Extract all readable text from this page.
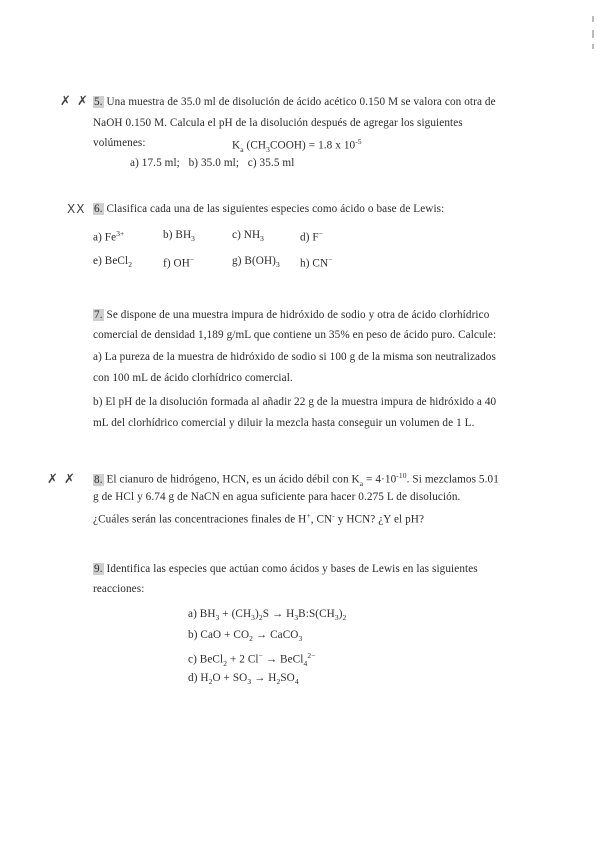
✗ ✗ 5. Una muestra de 35.0 ml de disolución de ácido acético 0.150 M se valora con otra de
NaOH 0.150 M. Calcula el pH de la disolución después de agregar los siguientes
volúmenes:	$K_a$ $(CH_3COOH) = 1.8$ x $10^{-5}$
a) 17.5 ml;   b) 35.0 ml;   c) 35.5 ml
XX 6. Clasifica cada una de las siguientes especies como ácido o base de Lewis:
a) $Fe^{3+}$	b) $BH_3$	c) $NH_3$	d) F−
e) BeCl$_2$	f) OH−	g) $B(OH)_3$ h) CN−
7. Se dispone de una muestra impura de hidróxido de sodio y otra de ácido clorhídrico
comercial de densidad 1,189 g/mL que contiene un 35% en peso de ácido puro. Calcule:
a) La pureza de la muestra de hidróxido de sodio si 100 g de la misma son neutralizados
con 100 mL de ácido clorhídrico comercial.
b) El pH de la disolución formada al añadir 22 g de la muestra impura de hidróxido a 40
mL del clorhídrico comercial y diluir la mezcla hasta conseguir un volumen de 1 L.
✗ ✗ 8. El cianuro de hidrógeno, HCN, es un ácido débil con $K_a = 4\cdot 10^{-10}$. Si mezclamos 5.01
g de HCl y 6.74 g de NaCN en agua suficiente para hacer 0.275 L de disolución.
¿Cuáles serán las concentraciones finales de H+, CN- y HCN? ¿Y el pH?
9. Identifica las especies que actúan como ácidos y bases de Lewis en las siguientes
reacciones:
a) $BH_3 + (CH_3)_2S$ → $H_3B:S(CH_3)_2$
b) CaO + $CO_2$ → CaCO$_3$
c) BeCl$_2$ + 2 Cl− → BeCl$_4^{2-}$
d) $H_2O + SO_3 \to H_2SO_4$
